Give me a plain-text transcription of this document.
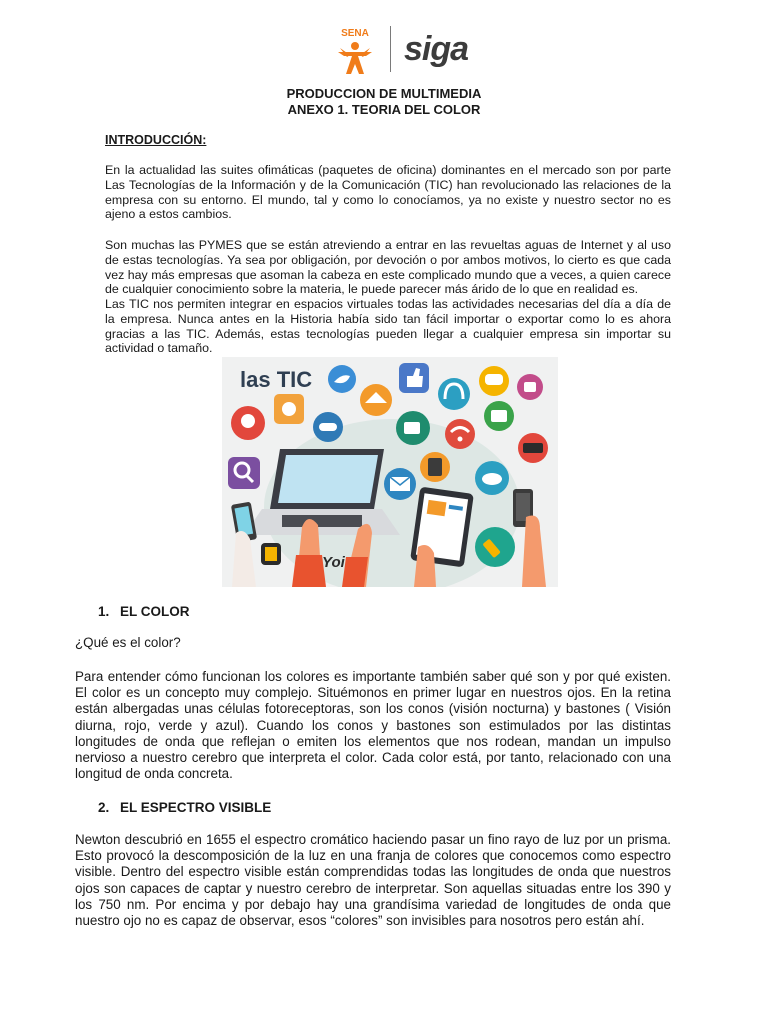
SENA siga
PRODUCCION DE MULTIMEDIA
ANEXO 1. TEORIA DEL COLOR
INTRODUCCIÓN:

En la actualidad las suites ofimáticas (paquetes de oficina) dominantes en el mercado son por parte Las Tecnologías de la Información y de la Comunicación (TIC) han revolucionado las relaciones de la empresa con su entorno. El mundo, tal y como lo conocíamos, ya no existe y nuestro sector no es ajeno a estos cambios.

Son muchas las PYMES que se están atreviendo a entrar en las revueltas aguas de Internet y al uso de estas tecnologías. Ya sea por obligación, por devoción o por ambos motivos, lo cierto es que cada vez hay más empresas que asoman la cabeza en este complicado mundo que a veces, a quien carece de cualquier conocimiento sobre la materia, le puede parecer más árido de lo que en realidad es.

Las TIC nos permiten integrar en espacios virtuales todas las actividades necesarias del día a día de la empresa. Nunca antes en la Historia había sido tan fácil importar o exportar como lo es ahora gracias a las TIC. Además, estas tecnologías pueden llegar a cualquier empresa sin importar su actividad o tamaño.

las TIC
Yoi
1. EL COLOR

¿Qué es el color?

Para entender cómo funcionan los colores es importante también saber qué son y por qué existen. El color es un concepto muy complejo. Situémonos en primer lugar en nuestros ojos. En la retina están albergadas unas células fotoreceptoras, son los conos (visión nocturna) y bastones ( Visión diurna, rojo, verde y azul). Cuando los conos y bastones son estimulados por las distintas longitudes de onda que reflejan o emiten los elementos que nos rodean, mandan un impulso nervioso a nuestro cerebro que interpreta el color. Cada color está, por tanto, relacionado con una longitud de onda concreta.

2. EL ESPECTRO VISIBLE

Newton descubrió en 1655 el espectro cromático haciendo pasar un fino rayo de luz por un prisma. Esto provocó la descomposición de la luz en una franja de colores que conocemos como espectro visible. Dentro del espectro visible están comprendidas todas las longitudes de onda que nuestros ojos son capaces de captar y nuestro cerebro de interpretar. Son aquellas situadas entre los 390 y los 750 nm. Por encima y por debajo hay una grandísima variedad de longitudes de onda que nuestro ojo no es capaz de observar, esos “colores” son invisibles para nosotros pero están ahí.
